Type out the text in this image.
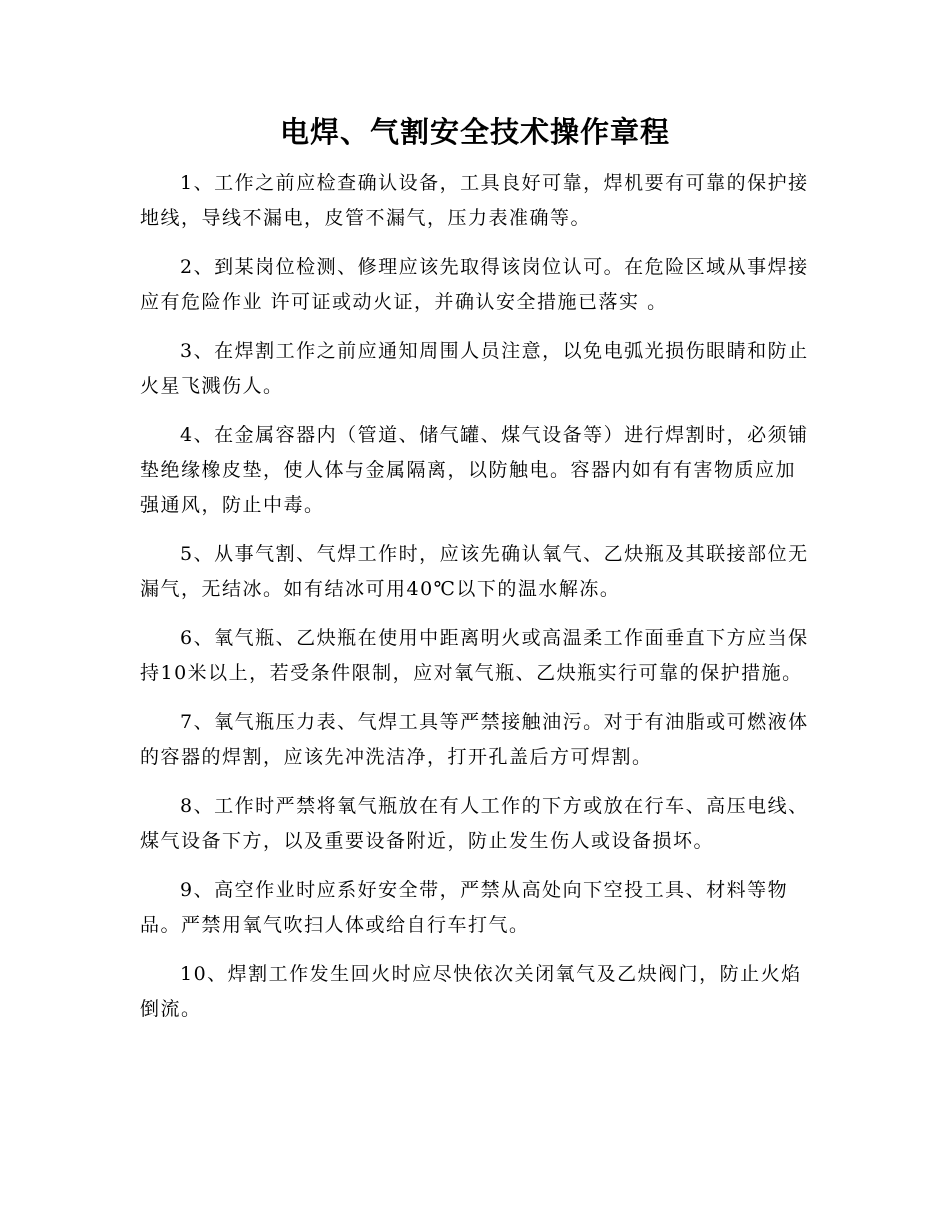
电焊、气割安全技术操作章程

1、工作之前应检查确认设备，工具良好可靠，焊机要有可靠的保护接地线，导线不漏电，皮管不漏气，压力表准确等。

2、到某岗位检测、修理应该先取得该岗位认可。在危险区域从事焊接应有危险作业 许可证或动火证，并确认安全措施已落实 。

3、在焊割工作之前应通知周围人员注意，以免电弧光损伤眼睛和防止火星飞溅伤人。

4、在金属容器内（管道、储气罐、煤气设备等）进行焊割时，必须铺垫绝缘橡皮垫，使人体与金属隔离，以防触电。容器内如有有害物质应加强通风，防止中毒。

5、从事气割、气焊工作时，应该先确认氧气、乙炔瓶及其联接部位无漏气，无结冰。如有结冰可用40℃以下的温水解冻。

6、氧气瓶、乙炔瓶在使用中距离明火或高温柔工作面垂直下方应当保持10米以上，若受条件限制，应对氧气瓶、乙炔瓶实行可靠的保护措施。

7、氧气瓶压力表、气焊工具等严禁接触油污。对于有油脂或可燃液体的容器的焊割，应该先冲洗洁净，打开孔盖后方可焊割。

8、工作时严禁将氧气瓶放在有人工作的下方或放在行车、高压电线、煤气设备下方，以及重要设备附近，防止发生伤人或设备损坏。

9、高空作业时应系好安全带，严禁从高处向下空投工具、材料等物品。严禁用氧气吹扫人体或给自行车打气。

10、焊割工作发生回火时应尽快依次关闭氧气及乙炔阀门，防止火焰倒流。
